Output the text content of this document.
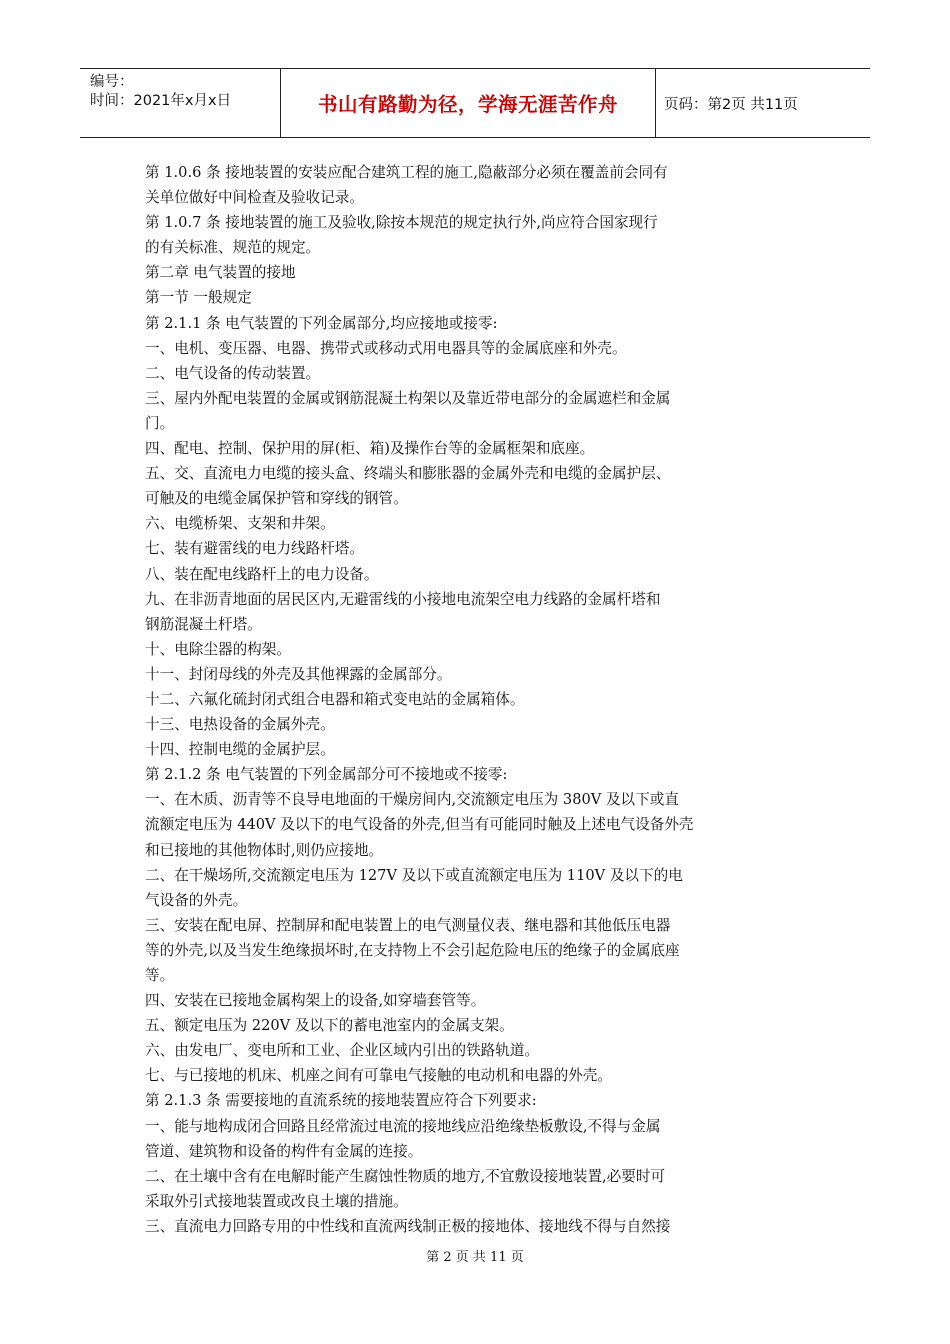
编号：
时间：2021年x月x日	书山有路勤为径，学海无涯苦作舟	页码：第2页 共11页

第 1.0.6 条 接地装置的安装应配合建筑工程的施工,隐蔽部分必须在覆盖前会同有

关单位做好中间检查及验收记录。

第 1.0.7 条 接地装置的施工及验收,除按本规范的规定执行外,尚应符合国家现行

的有关标准、规范的规定。

第二章 电气装置的接地

第一节 一般规定

第 2.1.1 条 电气装置的下列金属部分,均应接地或接零:

一、电机、变压器、电器、携带式或移动式用电器具等的金属底座和外壳。

二、电气设备的传动装置。

三、屋内外配电装置的金属或钢筋混凝土构架以及靠近带电部分的金属遮栏和金属

门。

四、配电、控制、保护用的屏(柜、箱)及操作台等的金属框架和底座。

五、交、直流电力电缆的接头盒、终端头和膨胀器的金属外壳和电缆的金属护层、

可触及的电缆金属保护管和穿线的钢管。

六、电缆桥架、支架和井架。

七、装有避雷线的电力线路杆塔。

八、装在配电线路杆上的电力设备。

九、在非沥青地面的居民区内,无避雷线的小接地电流架空电力线路的金属杆塔和

钢筋混凝土杆塔。

十、电除尘器的构架。

十一、封闭母线的外壳及其他裸露的金属部分。

十二、六氟化硫封闭式组合电器和箱式变电站的金属箱体。

十三、电热设备的金属外壳。

十四、控制电缆的金属护层。

第 2.1.2 条 电气装置的下列金属部分可不接地或不接零:

一、在木质、沥青等不良导电地面的干燥房间内,交流额定电压为 380V 及以下或直

流额定电压为 440V 及以下的电气设备的外壳,但当有可能同时触及上述电气设备外壳

和已接地的其他物体时,则仍应接地。

二、在干燥场所,交流额定电压为 127V 及以下或直流额定电压为 110V 及以下的电

气设备的外壳。

三、安装在配电屏、控制屏和配电装置上的电气测量仪表、继电器和其他低压电器

等的外壳,以及当发生绝缘损坏时,在支持物上不会引起危险电压的绝缘子的金属底座

等。

四、安装在已接地金属构架上的设备,如穿墙套管等。

五、额定电压为 220V 及以下的蓄电池室内的金属支架。

六、由发电厂、变电所和工业、企业区域内引出的铁路轨道。

七、与已接地的机床、机座之间有可靠电气接触的电动机和电器的外壳。

第 2.1.3 条 需要接地的直流系统的接地装置应符合下列要求:

一、能与地构成闭合回路且经常流过电流的接地线应沿绝缘垫板敷设,不得与金属

管道、建筑物和设备的构件有金属的连接。

二、在土壤中含有在电解时能产生腐蚀性物质的地方,不宜敷设接地装置,必要时可

采取外引式接地装置或改良土壤的措施。

三、直流电力回路专用的中性线和直流两线制正极的接地体、接地线不得与自然接

第 2 页 共 11 页
